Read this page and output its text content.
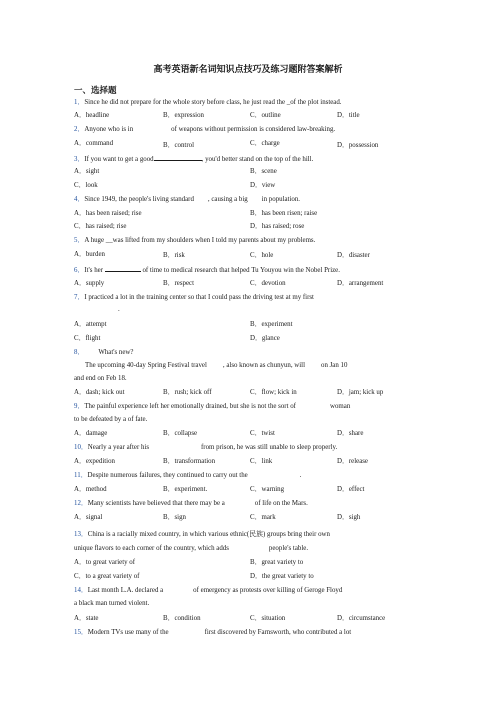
高考英语新名词知识点技巧及练习题附答案解析
一、选择题
1．Since he did not prepare for the whole story before class, he just read the _of the plot instead.
A．headline	B．expression	C．outline	D．title
2．Anyone who is in	of weapons without permission is considered law-breaking.
A．command	B．control	C．charge	D．possession
3．If you want to get a good	, you'd better stand on the top of the hill.
A．sight	B．scene
C．look	D．view
4．Since 1949, the people's living standard , causing a big in population.
A．has been raised; rise	B．has been risen; raise
C．has raised; rise	D．has raised; rose
5．A huge __was lifted from my shoulders when I told my parents about my problems.
A．burden	B．risk	C．hole	D．disaster
6．It's her	of time to medical research that helped Tu Youyou win the Nobel Prize.
A．supply	B．respect	C．devotion	D．arrangement
7．I practiced a lot in the training center so that I could pass the driving test at my first
.
A．attempt	B．experiment
C．flight	D．glance
8． What's new?
The upcoming 40-day Spring Festival travel , also known as chunyun, will on Jan 10
and end on Feb 18.
A．dash; kick out	B．rush; kick off	C．flow; kick in	D．jam; kick up
9．The painful experience left her emotionally drained, but she is not the sort of	woman
to be defeated by a of fate.
A．damage	B．collapse	C．twist	D．share
10．Nearly a year after his	from prison, he was still unable to sleep properly.
A．expedition	B．transformation	C．link	D．release
11．Despite numerous failures, they continued to carry out the	.
A．method	B．experiment.	C．warning	D．effect
12．Many scientists have believed that there may be a	of life on the Mars.
A．signal	B．sign	C．mark	D．sigh
13．China is a racially mixed country, in which various ethnic(民族) groups bring their own
unique flavors to each corner of the country, which adds	people's table.
A．to great variety of	B．great variety to
C．to a great variety of	D．the great variety to
14．Last month L.A. declared a	of emergency as protests over killing of Geroge Floyd
a black man turned violent.
A．state	B．condition	C．situation	D．circumstance
15．Modern TVs use many of the	first discovered by Farnsworth, who contributed a lot
